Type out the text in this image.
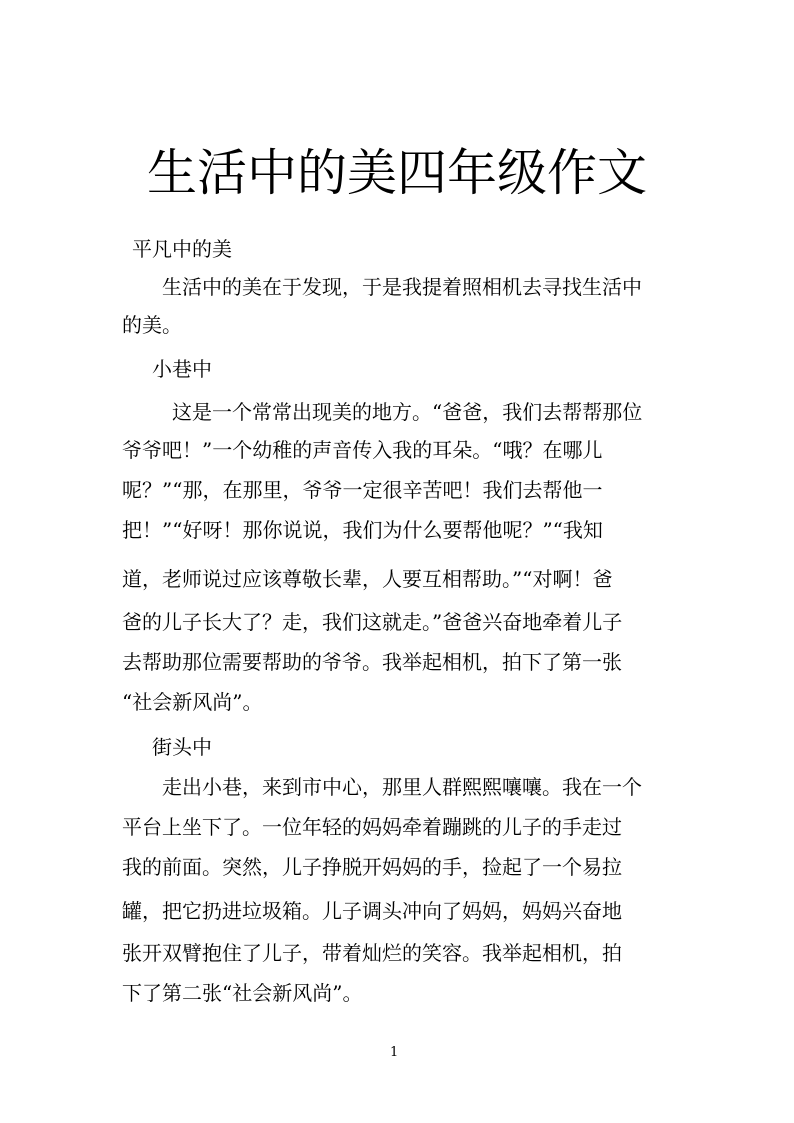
生活中的美四年级作文

平凡中的美

生活中的美在于发现，于是我提着照相机去寻找生活中

的美。

小巷中

这是一个常常出现美的地方。“爸爸，我们去帮帮那位

爷爷吧！”一个幼稚的声音传入我的耳朵。“哦？在哪儿

呢？”“那，在那里，爷爷一定很辛苦吧！我们去帮他一

把！”“好呀！那你说说，我们为什么要帮他呢？”“我知

道，老师说过应该尊敬长辈，人要互相帮助。”“对啊！爸

爸的儿子长大了？走，我们这就走。”爸爸兴奋地牵着儿子

去帮助那位需要帮助的爷爷。我举起相机，拍下了第一张

“社会新风尚”。

街头中

走出小巷，来到市中心，那里人群熙熙嚷嚷。我在一个

平台上坐下了。一位年轻的妈妈牵着蹦跳的儿子的手走过

我的前面。突然，儿子挣脱开妈妈的手，捡起了一个易拉

罐，把它扔进垃圾箱。儿子调头冲向了妈妈，妈妈兴奋地

张开双臂抱住了儿子，带着灿烂的笑容。我举起相机，拍

下了第二张“社会新风尚”。

1
